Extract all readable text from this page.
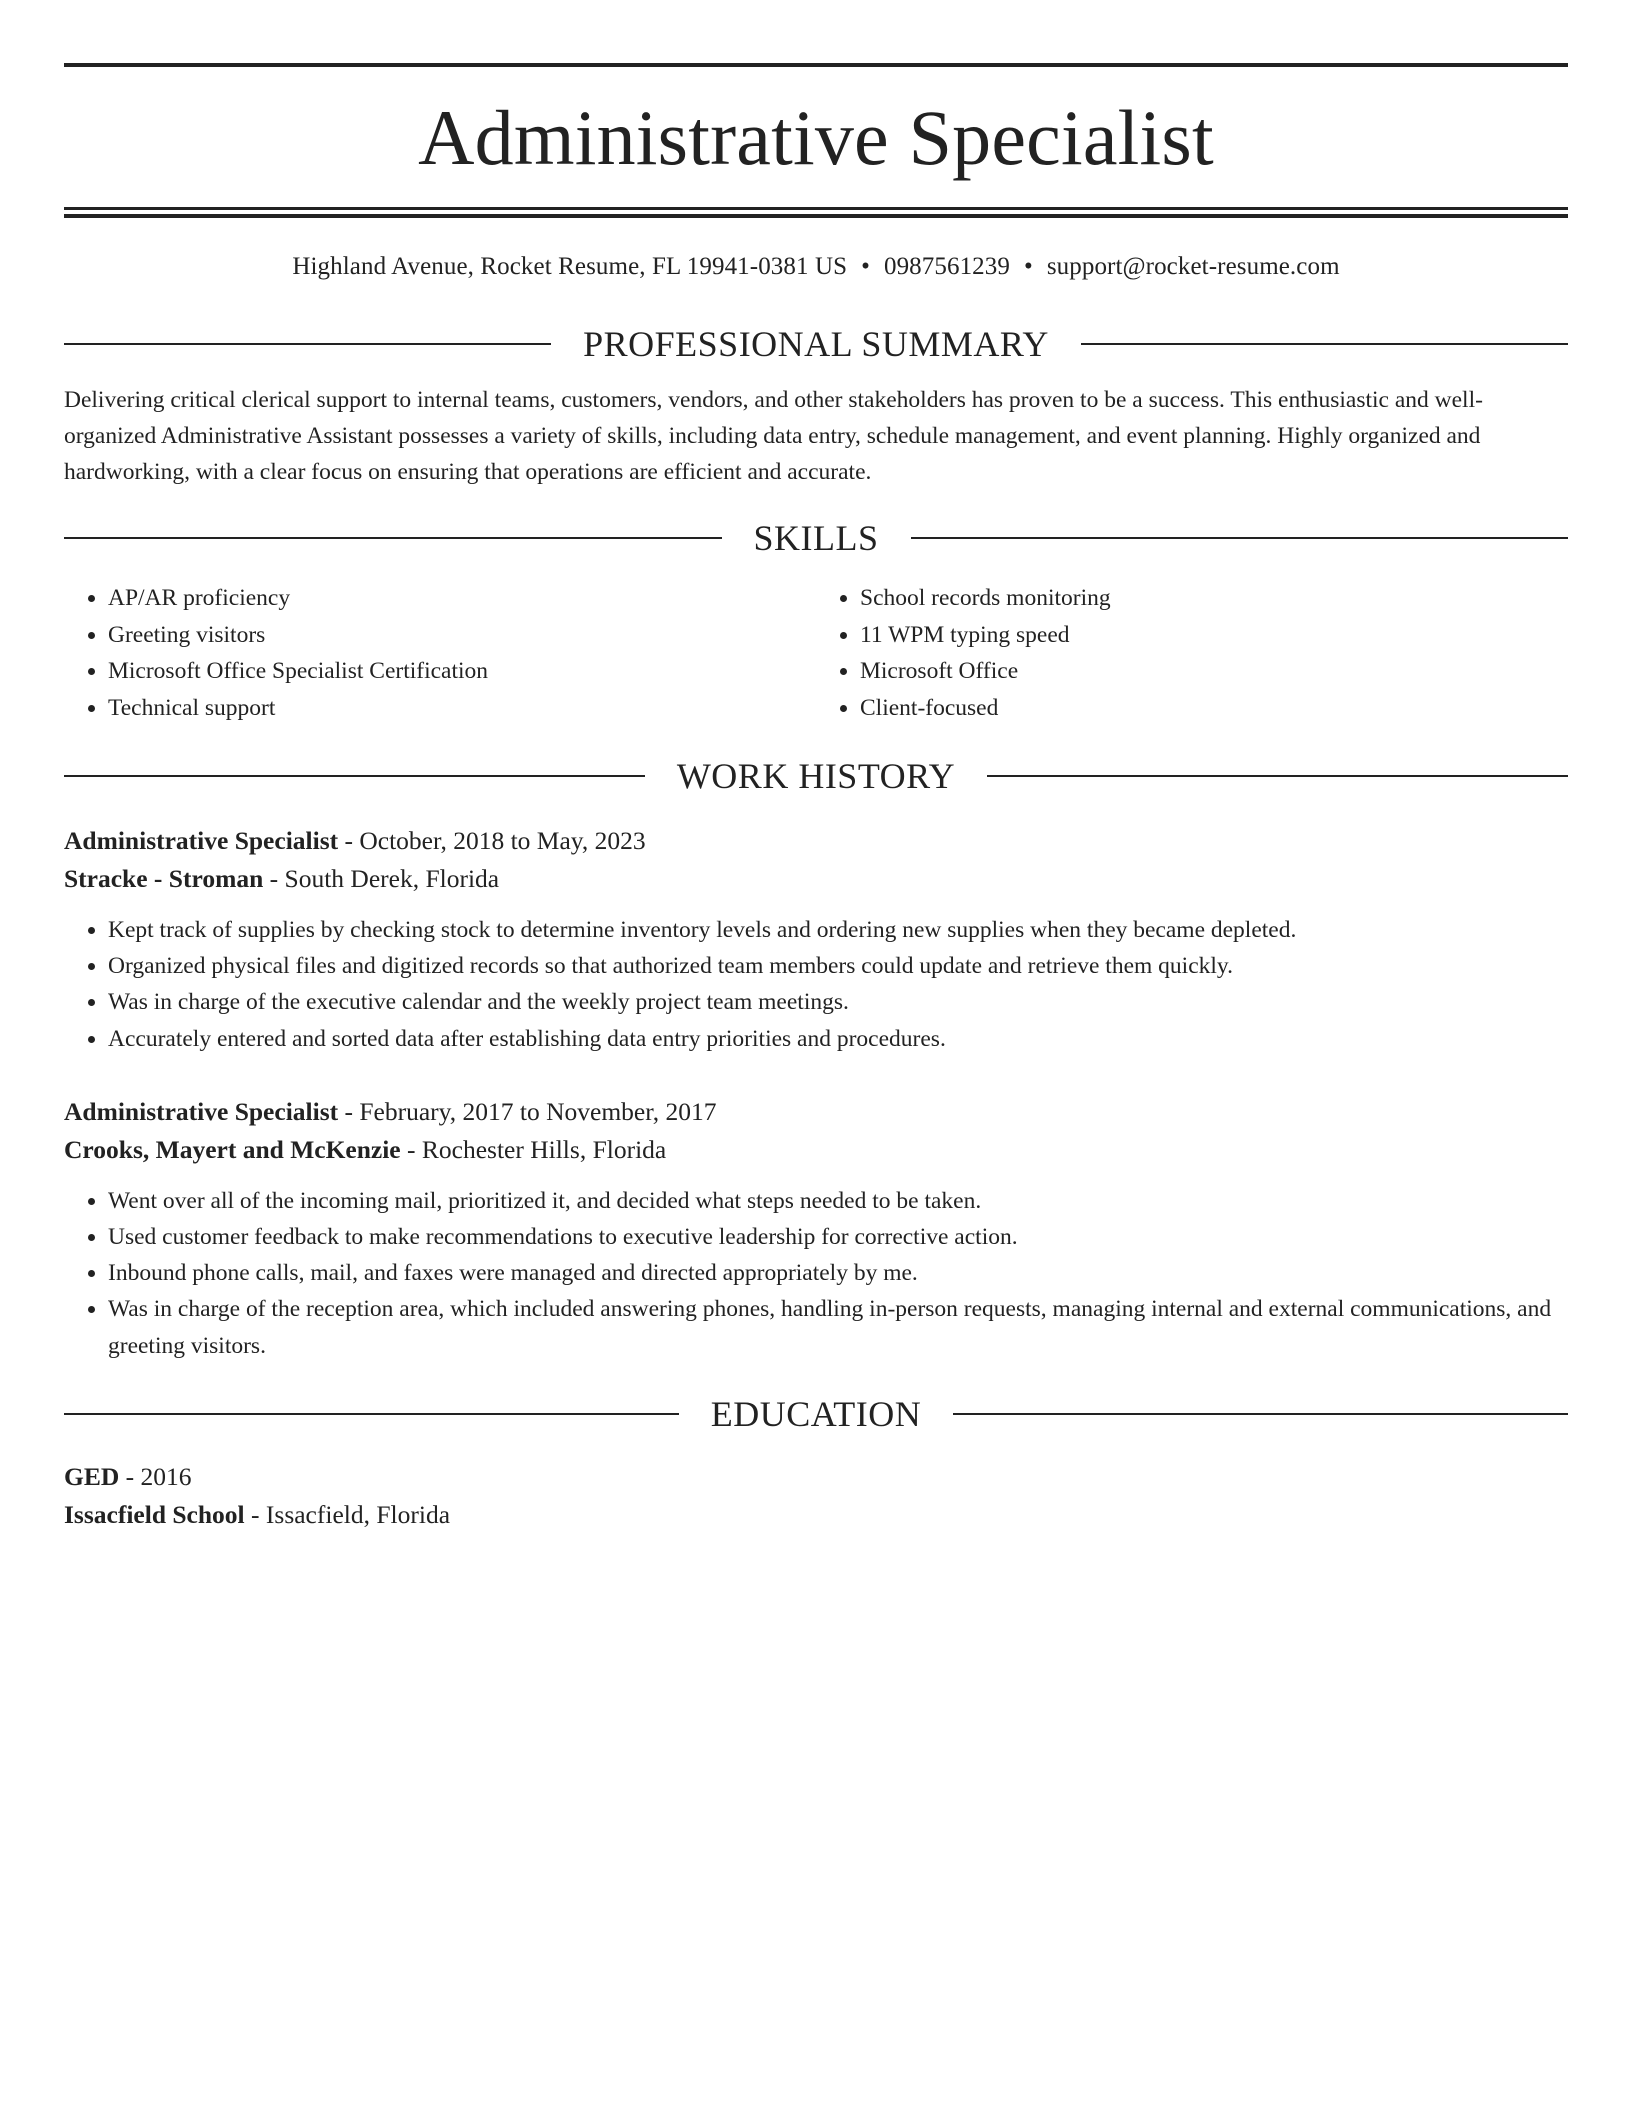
Administrative Specialist
Highland Avenue, Rocket Resume, FL 19941-0381 US • 0987561239 • support@rocket-resume.com
PROFESSIONAL SUMMARY
Delivering critical clerical support to internal teams, customers, vendors, and other stakeholders has proven to be a success. This enthusiastic and well-organized Administrative Assistant possesses a variety of skills, including data entry, schedule management, and event planning. Highly organized and hardworking, with a clear focus on ensuring that operations are efficient and accurate.
SKILLS
• AP/AR proficiency
• Greeting visitors
• Microsoft Office Specialist Certification
• Technical support
• School records monitoring
• 11 WPM typing speed
• Microsoft Office
• Client-focused
WORK HISTORY
Administrative Specialist - October, 2018 to May, 2023
Stracke - Stroman - South Derek, Florida
• Kept track of supplies by checking stock to determine inventory levels and ordering new supplies when they became depleted.
• Organized physical files and digitized records so that authorized team members could update and retrieve them quickly.
• Was in charge of the executive calendar and the weekly project team meetings.
• Accurately entered and sorted data after establishing data entry priorities and procedures.
Administrative Specialist - February, 2017 to November, 2017
Crooks, Mayert and McKenzie - Rochester Hills, Florida
• Went over all of the incoming mail, prioritized it, and decided what steps needed to be taken.
• Used customer feedback to make recommendations to executive leadership for corrective action.
• Inbound phone calls, mail, and faxes were managed and directed appropriately by me.
• Was in charge of the reception area, which included answering phones, handling in-person requests, managing internal and external communications, and greeting visitors.
EDUCATION
GED - 2016
Issacfield School - Issacfield, Florida
